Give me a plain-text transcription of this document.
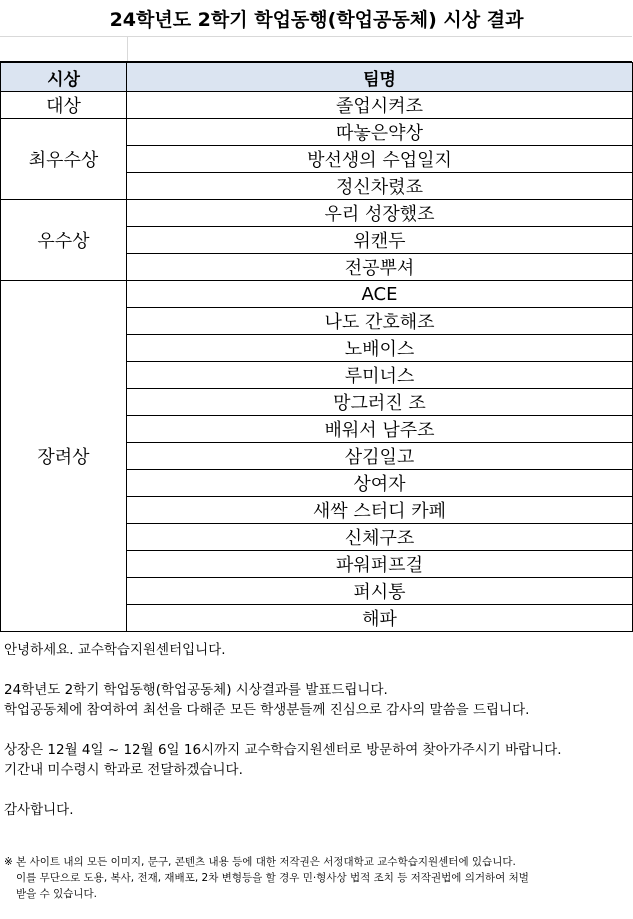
24학년도 2학기 학업동행(학업공동체) 시상 결과
시상	팀명
대상	졸업시켜조
최우수상
따놓은약상
방선생의 수업일지
정신차렸죠
우수상
우리 성장했조
위캔두
전공뿌셔
장려상
ACE
나도 간호해조
노배이스
루미너스
망그러진 조
배워서 남주조
삼김일고
상여자
새싹 스터디 카페
신체구조
파워퍼프걸
퍼시통
해파

안녕하세요. 교수학습지원센터입니다.

24학년도 2학기 학업동행(학업공동체) 시상결과를 발표드립니다.

학업공동체에 참여하여 최선을 다해준 모든 학생분들께 진심으로 감사의 말씀을 드립니다.

상장은 12월 4일 ~ 12월 6일 16시까지 교수학습지원센터로 방문하여 찾아가주시기 바랍니다.

기간내 미수령시 학과로 전달하겠습니다.

감사합니다.

※ 본 사이트 내의 모든 이미지, 문구, 콘텐츠 내용 등에 대한 저작권은 서정대학교 교수학습지원센터에 있습니다.

이를 무단으로 도용, 복사, 전재, 재배포, 2차 변형등을 할 경우 민·형사상 법적 조치 등 저작권법에 의거하여 처벌

받을 수 있습니다.
